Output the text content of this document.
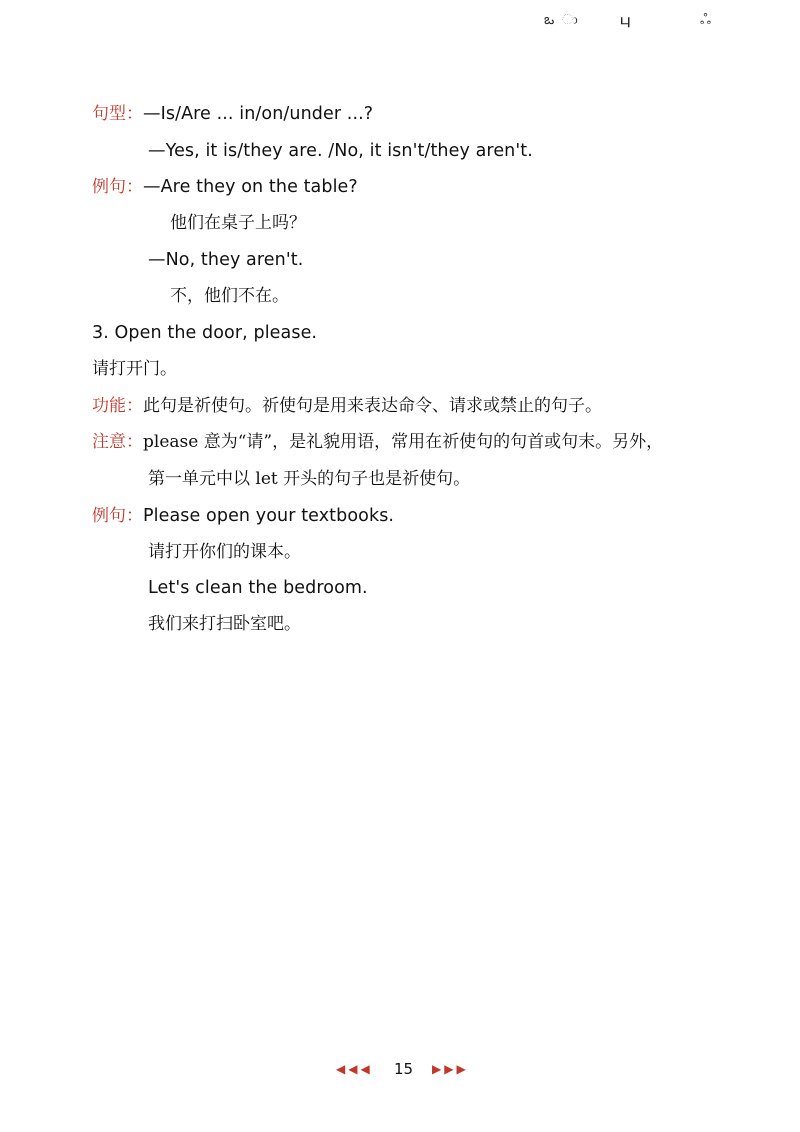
ఒ ා	பு	ஃ
句型：—Is/Are ... in/on/under ...?
—Yes, it is/they are. /No, it isn't/they aren't.
例句：—Are they on the table?
他们在桌子上吗？
—No, they aren't.
不，他们不在。
3. Open the door, please.
请打开门。
功能：此句是祈使句。祈使句是用来表达命令、请求或禁止的句子。
注意：please 意为“请”，是礼貌用语，常用在祈使句的句首或句末。另外，
第一单元中以 let 开头的句子也是祈使句。
例句：Please open your textbooks.
请打开你们的课本。
Let's clean the bedroom.
我们来打扫卧室吧。
◀◀◀ 15 ▶▶▶
